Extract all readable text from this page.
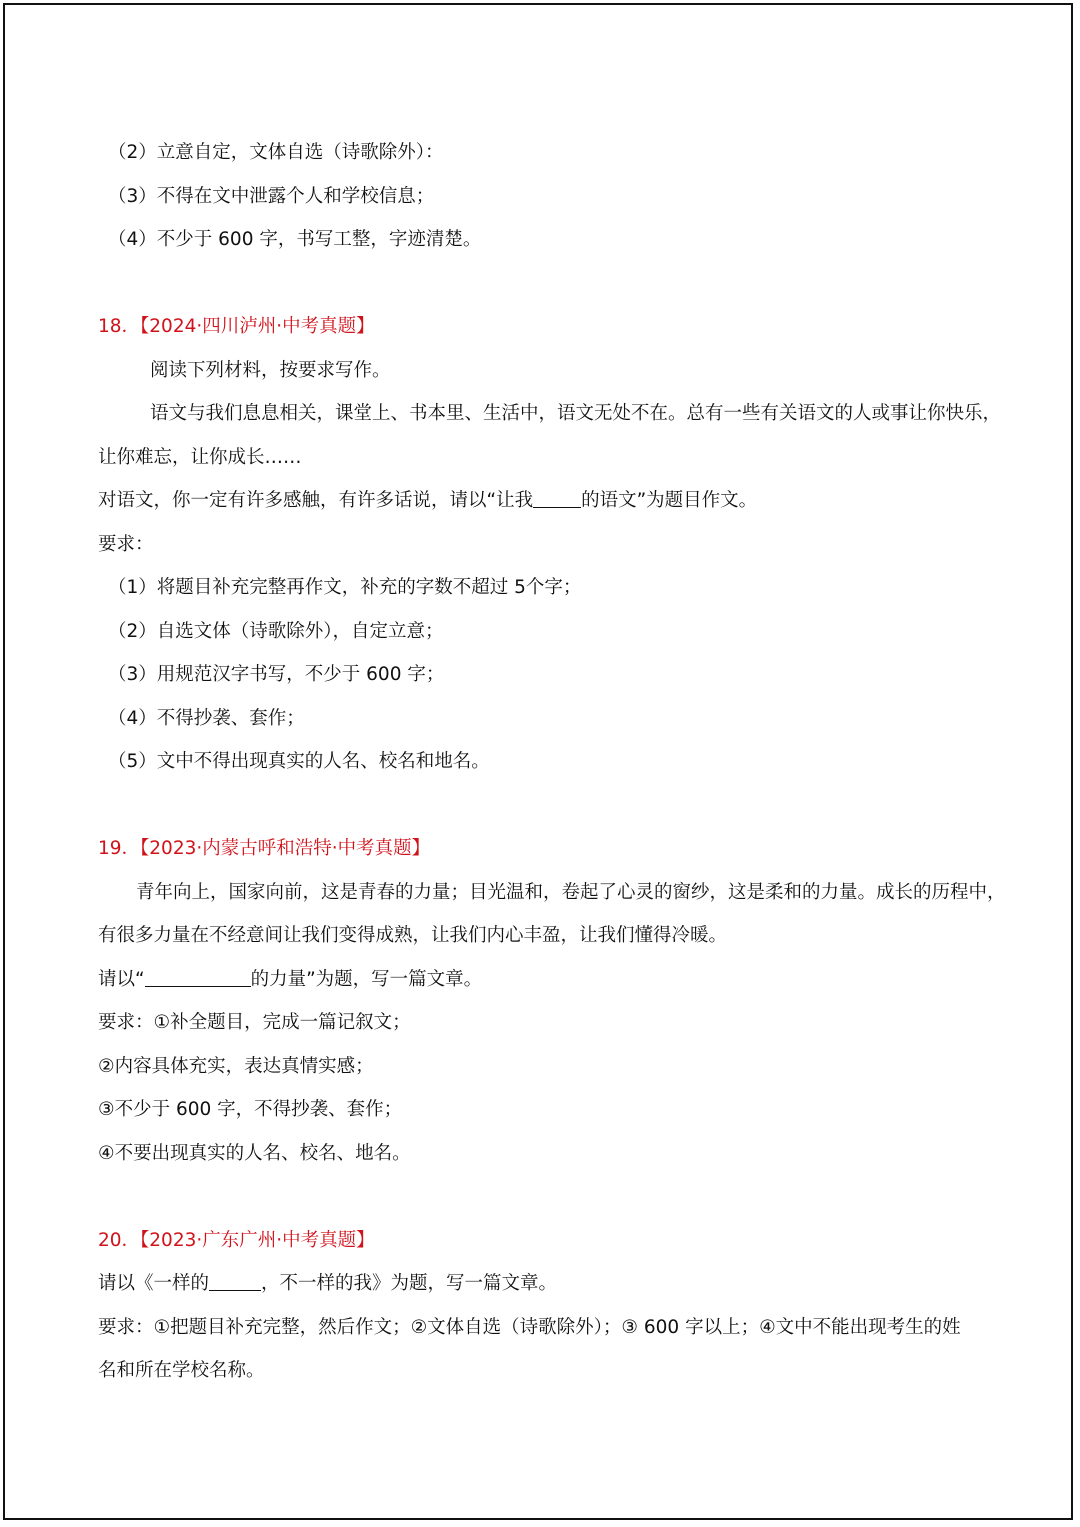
（2）立意自定，文体自选（诗歌除外）：
（3）不得在文中泄露个人和学校信息；
（4）不少于 600 字，书写工整，字迹清楚。
18．【2024·四川泸州·中考真题】
阅读下列材料，按要求写作。
语文与我们息息相关，课堂上、书本里、生活中，语文无处不在。总有一些有关语文的人或事让你快乐，
让你难忘，让你成长……
对语文，你一定有许多感触，有许多话说，请以“让我	的语文”为题目作文。
要求：
（1）将题目补充完整再作文，补充的字数不超过 5个字；
（2）自选文体（诗歌除外），自定立意；
（3）用规范汉字书写，不少于 600 字；
（4）不得抄袭、套作；
（5）文中不得出现真实的人名、校名和地名。
19．【2023·内蒙古呼和浩特·中考真题】
青年向上，国家向前，这是青春的力量；目光温和，卷起了心灵的窗纱，这是柔和的力量。成长的历程中，
有很多力量在不经意间让我们变得成熟，让我们内心丰盈，让我们懂得冷暖。
请以“	的力量”为题，写一篇文章。
要求：①补全题目，完成一篇记叙文；
②内容具体充实，表达真情实感；
③不少于 600 字，不得抄袭、套作；
④不要出现真实的人名、校名、地名。
20．【2023·广东广州·中考真题】
请以《一样的	，不一样的我》为题，写一篇文章。
要求：①把题目补充完整，然后作文；②文体自选（诗歌除外）；③ 600 字以上；④文中不能出现考生的姓
名和所在学校名称。
